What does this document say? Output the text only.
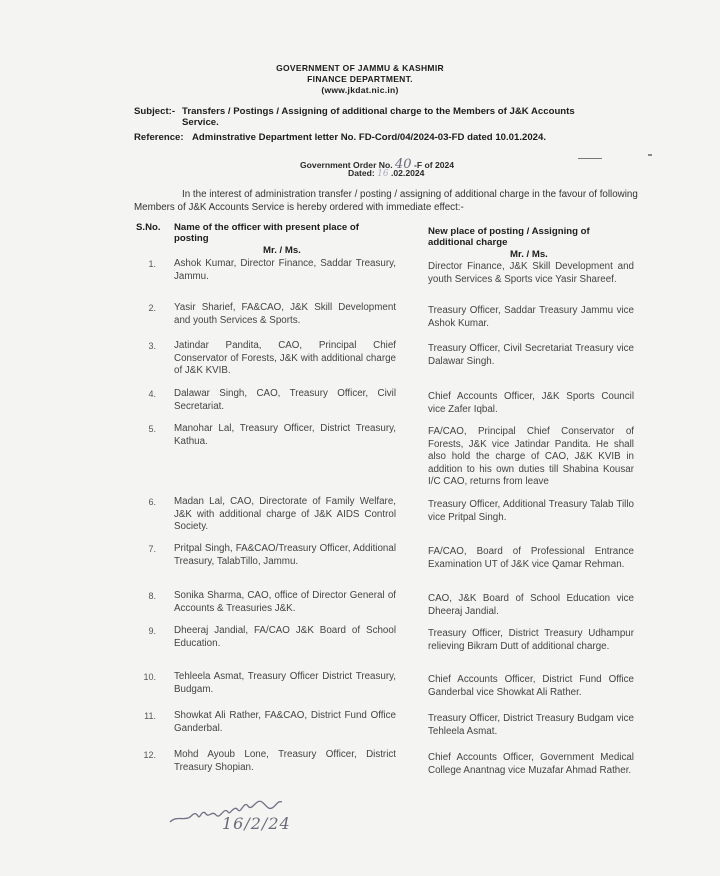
GOVERNMENT OF JAMMU & KASHMIR
FINANCE DEPARTMENT.
(www.jkdat.nic.in)
Subject:- Transfers / Postings / Assigning of additional charge to the Members of J&K Accounts
Service.
Reference: Adminstrative Department letter No. FD-Cord/04/2024-03-FD dated 10.01.2024.
Government Order No. 40 -F of 2024
Dated: 16 .02.2024
In the interest of administration transfer / posting / assigning of additional charge in the favour of following Members of J&K Accounts Service is hereby ordered with immediate effect:-
S.No. Name of the officer with present place of
posting
Mr. / Ms.
New place of posting / Assigning of
additional charge
Mr. / Ms.
1. Ashok Kumar, Director Finance, Saddar Treasury, Jammu.
Director Finance, J&K Skill Development and youth Services & Sports vice Yasir Shareef.
2. Yasir Sharief, FA&CAO, J&K Skill Development and youth Services & Sports.
Treasury Officer, Saddar Treasury Jammu vice Ashok Kumar.
3. Jatindar Pandita, CAO, Principal Chief Conservator of Forests, J&K with additional charge of J&K KVIB.
Treasury Officer, Civil Secretariat Treasury vice Dalawar Singh.
4. Dalawar Singh, CAO, Treasury Officer, Civil Secretariat.
Chief Accounts Officer, J&K Sports Council vice Zafer Iqbal.
5. Manohar Lal, Treasury Officer, District Treasury, Kathua.
FA/CAO, Principal Chief Conservator of Forests, J&K vice Jatindar Pandita. He shall also hold the charge of CAO, J&K KVIB in addition to his own duties till Shabina Kousar I/C CAO, returns from leave
6. Madan Lal, CAO, Directorate of Family Welfare, J&K with additional charge of J&K AIDS Control Society.
Treasury Officer, Additional Treasury Talab Tillo vice Pritpal Singh.
7. Pritpal Singh, FA&CAO/Treasury Officer, Additional Treasury, TalabTillo, Jammu.
FA/CAO, Board of Professional Entrance Examination UT of J&K vice Qamar Rehman.
8. Sonika Sharma, CAO, office of Director General of Accounts & Treasuries J&K.
CAO, J&K Board of School Education vice Dheeraj Jandial.
9. Dheeraj Jandial, FA/CAO J&K Board of School Education.
Treasury Officer, District Treasury Udhampur relieving Bikram Dutt of additional charge.
10. Tehleela Asmat, Treasury Officer District Treasury, Budgam.
Chief Accounts Officer, District Fund Office Ganderbal vice Showkat Ali Rather.
11. Showkat Ali Rather, FA&CAO, District Fund Office Ganderbal.
Treasury Officer, District Treasury Budgam vice Tehleela Asmat.
12. Mohd Ayoub Lone, Treasury Officer, District Treasury Shopian.
Chief Accounts Officer, Government Medical College Anantnag vice Muzafar Ahmad Rather.
16/2/24
